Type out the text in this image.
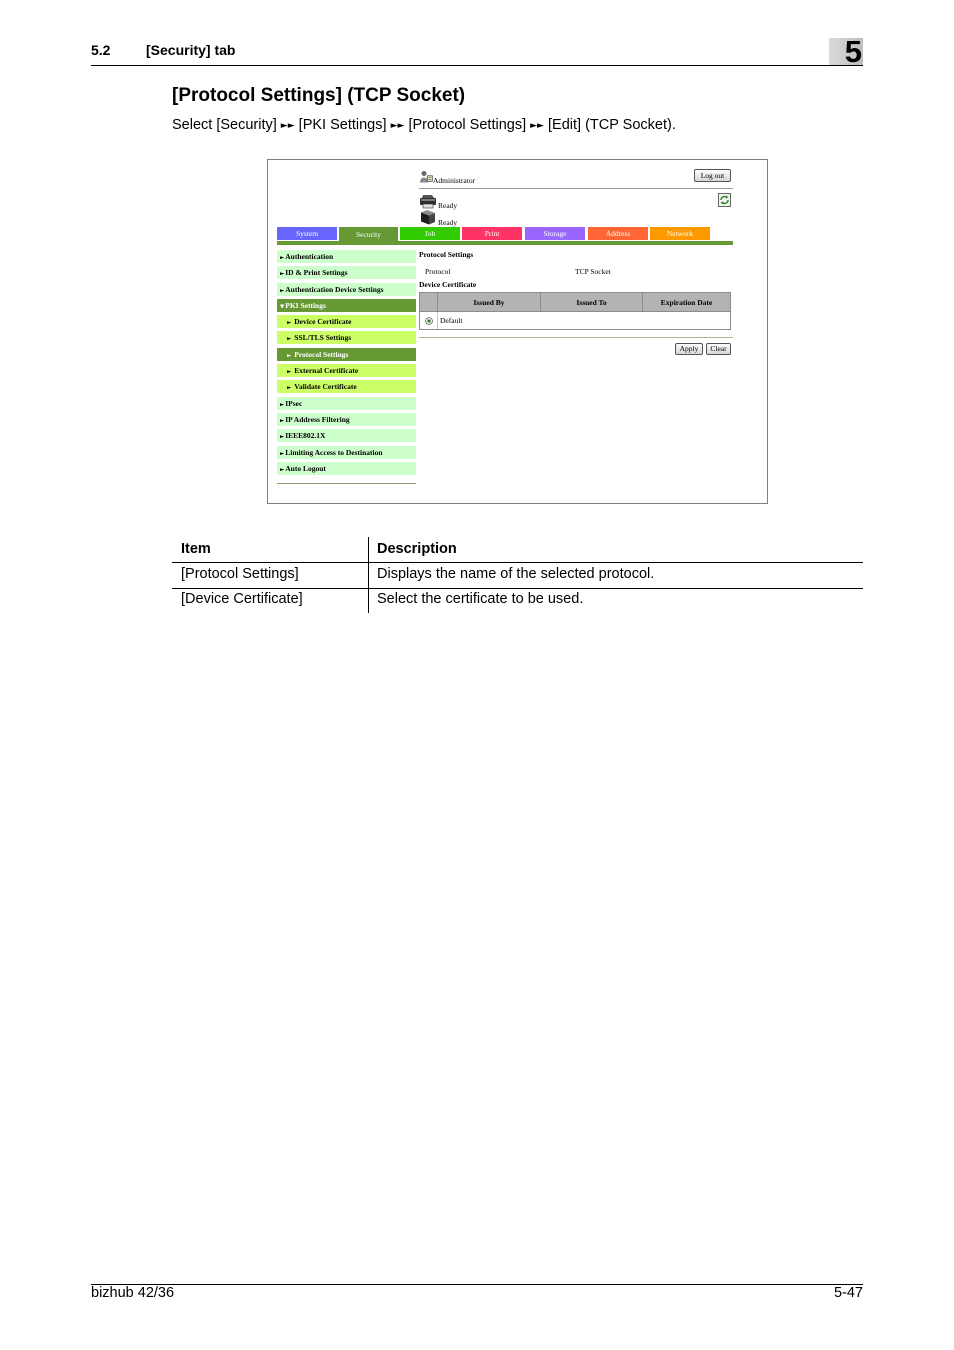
5.2	[Security] tab	5
[Protocol Settings] (TCP Socket)
Select [Security] ►► [PKI Settings] ►► [Protocol Settings] ►► [Edit] (TCP Socket).
Administrator
Log out
Ready
Ready
System	Security	Job	Print	Storage	Address	Network
►Authentication
►ID & Print Settings
►Authentication Device Settings
▼PKI Settings
► Device Certificate
► SSL/TLS Settings
► Protocol Settings
► External Certificate
► Validate Certificate
►IPsec
►IP Address Filtering
►IEEE802.1X
►Limiting Access to Destination
►Auto Logout
Protocol Settings
Protocol	TCP Socket
Device Certificate
	Issued By	Issued To	Expiration Date
	Default		
Apply	Clear
Item	Description
[Protocol Settings]	Displays the name of the selected protocol.
[Device Certificate]	Select the certificate to be used.
bizhub 42/36	5-47
